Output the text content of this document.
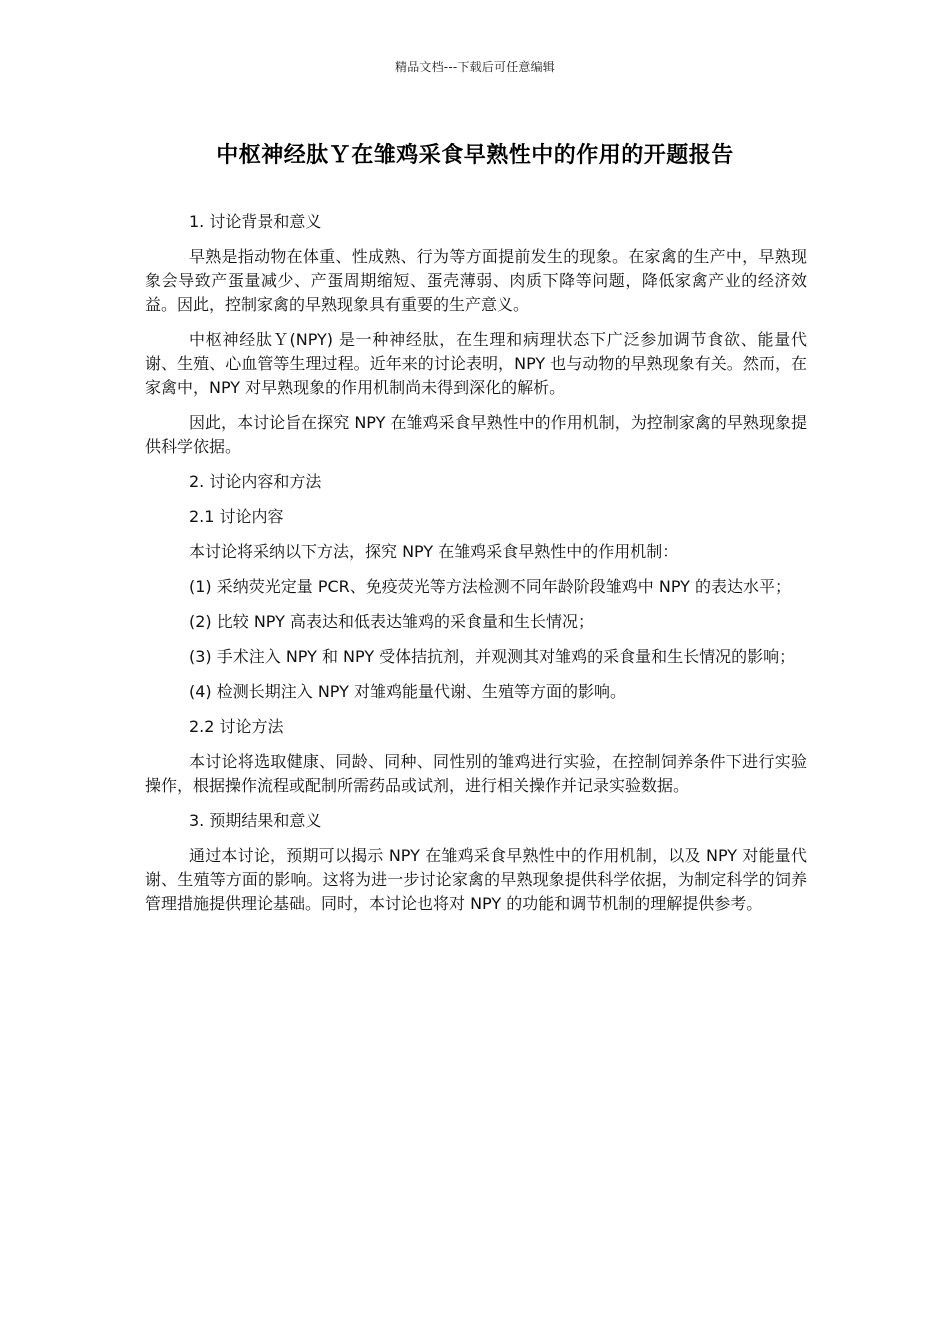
精品文档---下载后可任意编辑
中枢神经肽Ｙ在雏鸡采食早熟性中的作用的开题报告
1. 讨论背景和意义
早熟是指动物在体重、性成熟、行为等方面提前发生的现象。在家禽的生产中，早熟现象会导致产蛋量减少、产蛋周期缩短、蛋壳薄弱、肉质下降等问题，降低家禽产业的经济效益。因此，控制家禽的早熟现象具有重要的生产意义。
中枢神经肽Ｙ(NPY) 是一种神经肽，在生理和病理状态下广泛参加调节食欲、能量代谢、生殖、心血管等生理过程。近年来的讨论表明，NPY 也与动物的早熟现象有关。然而，在家禽中，NPY 对早熟现象的作用机制尚未得到深化的解析。
因此，本讨论旨在探究 NPY 在雏鸡采食早熟性中的作用机制，为控制家禽的早熟现象提供科学依据。
2. 讨论内容和方法
2.1 讨论内容
本讨论将采纳以下方法，探究 NPY 在雏鸡采食早熟性中的作用机制：
(1) 采纳荧光定量 PCR、免疫荧光等方法检测不同年龄阶段雏鸡中 NPY 的表达水平；
(2) 比较 NPY 高表达和低表达雏鸡的采食量和生长情况；
(3) 手术注入 NPY 和 NPY 受体拮抗剂，并观测其对雏鸡的采食量和生长情况的影响；
(4) 检测长期注入 NPY 对雏鸡能量代谢、生殖等方面的影响。
2.2 讨论方法
本讨论将选取健康、同龄、同种、同性别的雏鸡进行实验，在控制饲养条件下进行实验操作，根据操作流程或配制所需药品或试剂，进行相关操作并记录实验数据。
3. 预期结果和意义
通过本讨论，预期可以揭示 NPY 在雏鸡采食早熟性中的作用机制，以及 NPY 对能量代谢、生殖等方面的影响。这将为进一步讨论家禽的早熟现象提供科学依据，为制定科学的饲养管理措施提供理论基础。同时，本讨论也将对 NPY 的功能和调节机制的理解提供参考。
